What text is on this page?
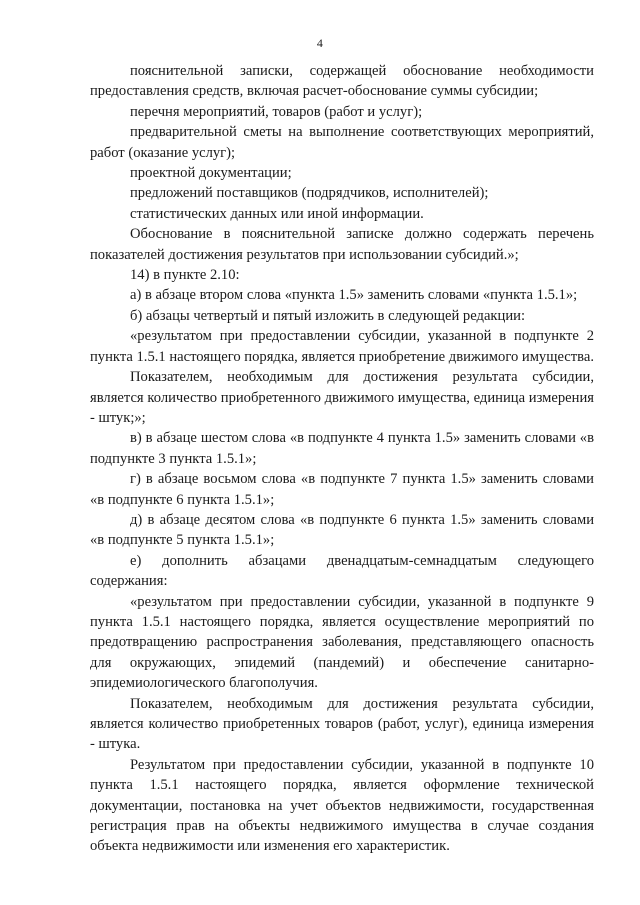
4

пояснительной записки, содержащей обоснование необходимости предоставления средств, включая расчет-обоснование суммы субсидии;

перечня мероприятий, товаров (работ и услуг);

предварительной сметы на выполнение соответствующих мероприятий, работ (оказание услуг);

проектной документации;

предложений поставщиков (подрядчиков, исполнителей);

статистических данных или иной информации.

Обоснование в пояснительной записке должно содержать перечень показателей достижения результатов при использовании субсидий.»;

14) в пункте 2.10:

а) в абзаце втором слова «пункта 1.5» заменить словами «пункта 1.5.1»;

б) абзацы четвертый и пятый изложить в следующей редакции:

«результатом при предоставлении субсидии, указанной в подпункте 2 пункта 1.5.1 настоящего порядка, является приобретение движимого имущества.

Показателем, необходимым для достижения результата субсидии, является количество приобретенного движимого имущества, единица измерения - штук;»;

в) в абзаце шестом слова «в подпункте 4 пункта 1.5» заменить словами «в подпункте 3 пункта 1.5.1»;

г) в абзаце восьмом слова «в подпункте 7 пункта 1.5» заменить словами «в подпункте 6 пункта 1.5.1»;

д) в абзаце десятом слова «в подпункте 6 пункта 1.5» заменить словами «в подпункте 5 пункта 1.5.1»;

е) дополнить абзацами двенадцатым-семнадцатым следующего содержания:

«результатом при предоставлении субсидии, указанной в подпункте 9 пункта 1.5.1 настоящего порядка, является осуществление мероприятий по предотвращению распространения заболевания, представляющего опасность для окружающих, эпидемий (пандемий) и обеспечение санитарно-эпидемиологического благополучия.

Показателем, необходимым для достижения результата субсидии, является количество приобретенных товаров (работ, услуг), единица измерения - штука.

Результатом при предоставлении субсидии, указанной в подпункте 10 пункта 1.5.1 настоящего порядка, является оформление технической документации, постановка на учет объектов недвижимости, государственная регистрация прав на объекты недвижимого имущества в случае создания объекта недвижимости или изменения его характеристик.
